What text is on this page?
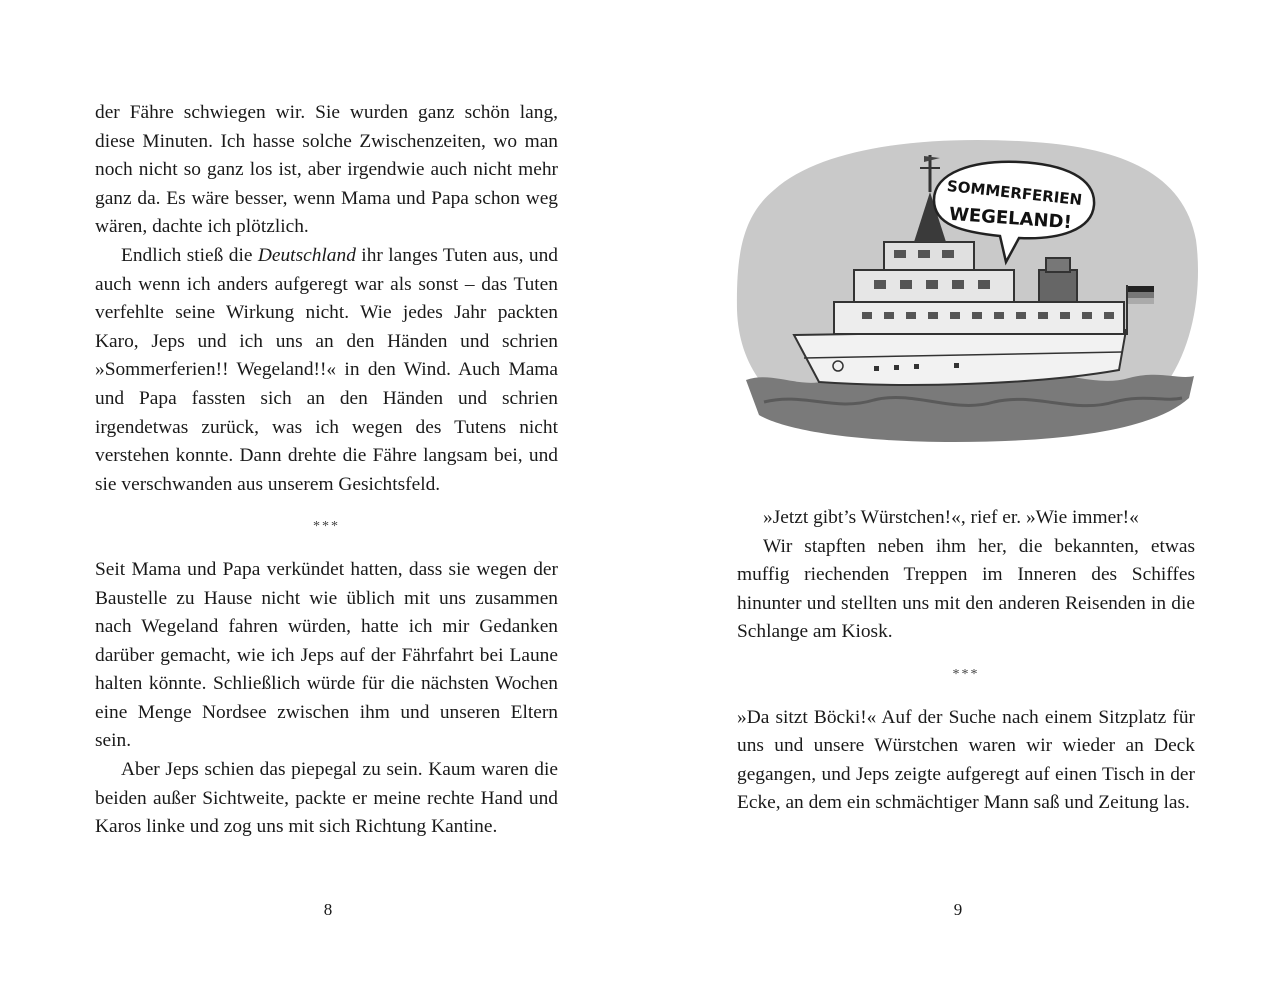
der Fähre schwiegen wir. Sie wurden ganz schön lang, diese Minuten. Ich hasse solche Zwischenzeiten, wo man noch nicht so ganz los ist, aber irgendwie auch nicht mehr ganz da. Es wäre besser, wenn Mama und Papa schon weg wären, dachte ich plötzlich.

Endlich stieß die Deutschland ihr langes Tuten aus, und auch wenn ich anders aufgeregt war als sonst – das Tuten verfehlte seine Wirkung nicht. Wie jedes Jahr packten Karo, Jeps und ich uns an den Händen und schrien »Sommerferien!! Wegeland!!« in den Wind. Auch Mama und Papa fassten sich an den Händen und schrien irgendetwas zurück, was ich wegen des Tutens nicht verstehen konnte. Dann drehte die Fähre langsam bei, und sie verschwanden aus unserem Gesichtsfeld.

***

Seit Mama und Papa verkündet hatten, dass sie wegen der Baustelle zu Hause nicht wie üblich mit uns zusammen nach Wegeland fahren würden, hatte ich mir Gedanken darüber gemacht, wie ich Jeps auf der Fährfahrt bei Laune halten könnte. Schließlich würde für die nächsten Wochen eine Menge Nordsee zwischen ihm und unseren Eltern sein.

Aber Jeps schien das piepegal zu sein. Kaum waren die beiden außer Sichtweite, packte er meine rechte Hand und Karos linke und zog uns mit sich Richtung Kantine.

8
SOMMERFERIEN
WEGELAND!

»Jetzt gibt’s Würstchen!«, rief er. »Wie immer!«

Wir stapften neben ihm her, die bekannten, etwas muffig riechenden Treppen im Inneren des Schiffes hinunter und stellten uns mit den anderen Reisenden in die Schlange am Kiosk.

***

»Da sitzt Böcki!« Auf der Suche nach einem Sitzplatz für uns und unsere Würstchen waren wir wieder an Deck gegangen, und Jeps zeigte aufgeregt auf einen Tisch in der Ecke, an dem ein schmächtiger Mann saß und Zeitung las.

9
